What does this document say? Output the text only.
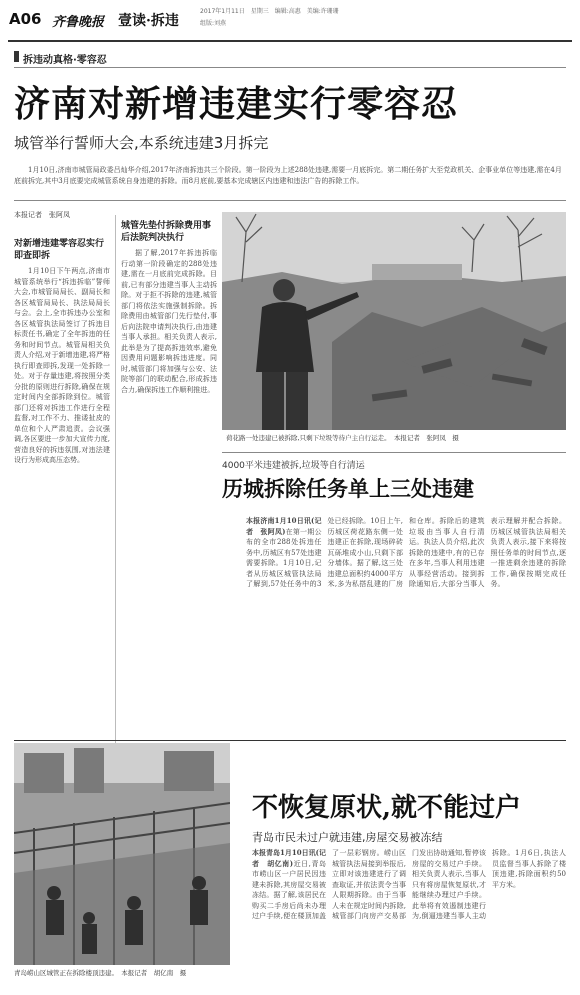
A06 齐鲁晚报 壹读·拆违
2017年1月11日　星期三　编辑:高惠　美编:许珊珊　组版:刘燕
拆违动真格·零容忍
济南对新增违建实行零容忍
城管举行誓师大会,本系统违建3月拆完
1月10日,济南市城管局政委吕灿华介绍,2017年济南拆违共三个阶段。第一阶段为上述288处违建,需要一月底拆完。第二期任务扩大至党政机关、企事业单位等违建,需在4月底前拆完,其中3月底要完成城管系统自身违建的拆除。而8月底前,要基本完成辖区内违建和违法广告的拆除工作。
本报记者　张阿凤
对新增违建零容忍实行即查即拆

1月10日下午两点,济南市城管系统举行“拆违拆临”誓师大会,市城管局局长、副局长和各区城管局局长、执法局局长与会。会上,全市拆违办公室和各区城管执法局签订了拆违目标责任书,确定了全年拆违的任务和时间节点。城管局相关负责人介绍,对于新增违建,将严格执行即查即拆,发现一处拆除一处。对于存量违建,将按照分类分批的原则进行拆除,确保在规定时间内全部拆除到位。城管部门还将对拆违工作进行全程监督,对工作不力、推诿扯皮的单位和个人严肃追责。会议强调,各区要进一步加大宣传力度,营造良好的拆违氛围,对违法建设行为形成高压态势。

城管先垫付拆除费用事后法院判决执行

据了解,2017年拆违拆临行动第一阶段确定的288处违建,需在一月底前完成拆除。目前,已有部分违建当事人主动拆除。对于拒不拆除的违建,城管部门将依法实施强制拆除。拆除费用由城管部门先行垫付,事后向法院申请判决执行,由违建当事人承担。相关负责人表示,此举是为了提高拆违效率,避免因费用问题影响拆违进度。同时,城管部门将加强与公安、法院等部门的联动配合,形成拆违合力,确保拆违工作顺利推进。

荷花路一处违建已被拆除,只剩下垃圾等待户主自行运走。　本报记者　张阿凤　摄
4000平米违建被拆,垃圾等自行清运
历城拆除任务单上三处违建

本报济南1月10日讯(记者　张阿凤)在第一期公布的全市288处拆违任务中,历城区有57处违建需要拆除。1月10日,记者从历城区城管执法局了解到,57处任务中的3处已经拆除。10日上午,历城区荷花路东侧一处违建正在拆除,现场碎砖瓦砾堆成小山,只剩下部分墙体。据了解,这三处违建总面积约4000平方米,多为私搭乱建的厂房和仓库。拆除后的建筑垃圾由当事人自行清运。执法人员介绍,此次拆除的违建中,有的已存在多年,当事人利用违建从事经营活动。接到拆除通知后,大部分当事人表示理解并配合拆除。历城区城管执法局相关负责人表示,接下来将按照任务单的时间节点,逐一推进剩余违建的拆除工作,确保按期完成任务。

青岛崂山区城管正在拆除楼顶违建。　本报记者　胡亿南　摄
不恢复原状,就不能过户
青岛市民未过户就违建,房屋交易被冻结

本报青岛1月10日讯(记者　胡亿南)近日,青岛市崂山区一户居民因违建未拆除,其房屋交易被冻结。据了解,该居民在购买二手房后尚未办理过户手续,便在楼顶加盖了一层彩钢房。崂山区城管执法局接到举报后,立即对该违建进行了调查取证,并依法责令当事人限期拆除。由于当事人未在规定时间内拆除,城管部门向房产交易部门发出协助通知,暂停该房屋的交易过户手续。相关负责人表示,当事人只有将房屋恢复原状,才能继续办理过户手续。此举将有效遏制违建行为,倒逼违建当事人主动拆除。1月6日,执法人员监督当事人拆除了楼顶违建,拆除面积约50平方米。
